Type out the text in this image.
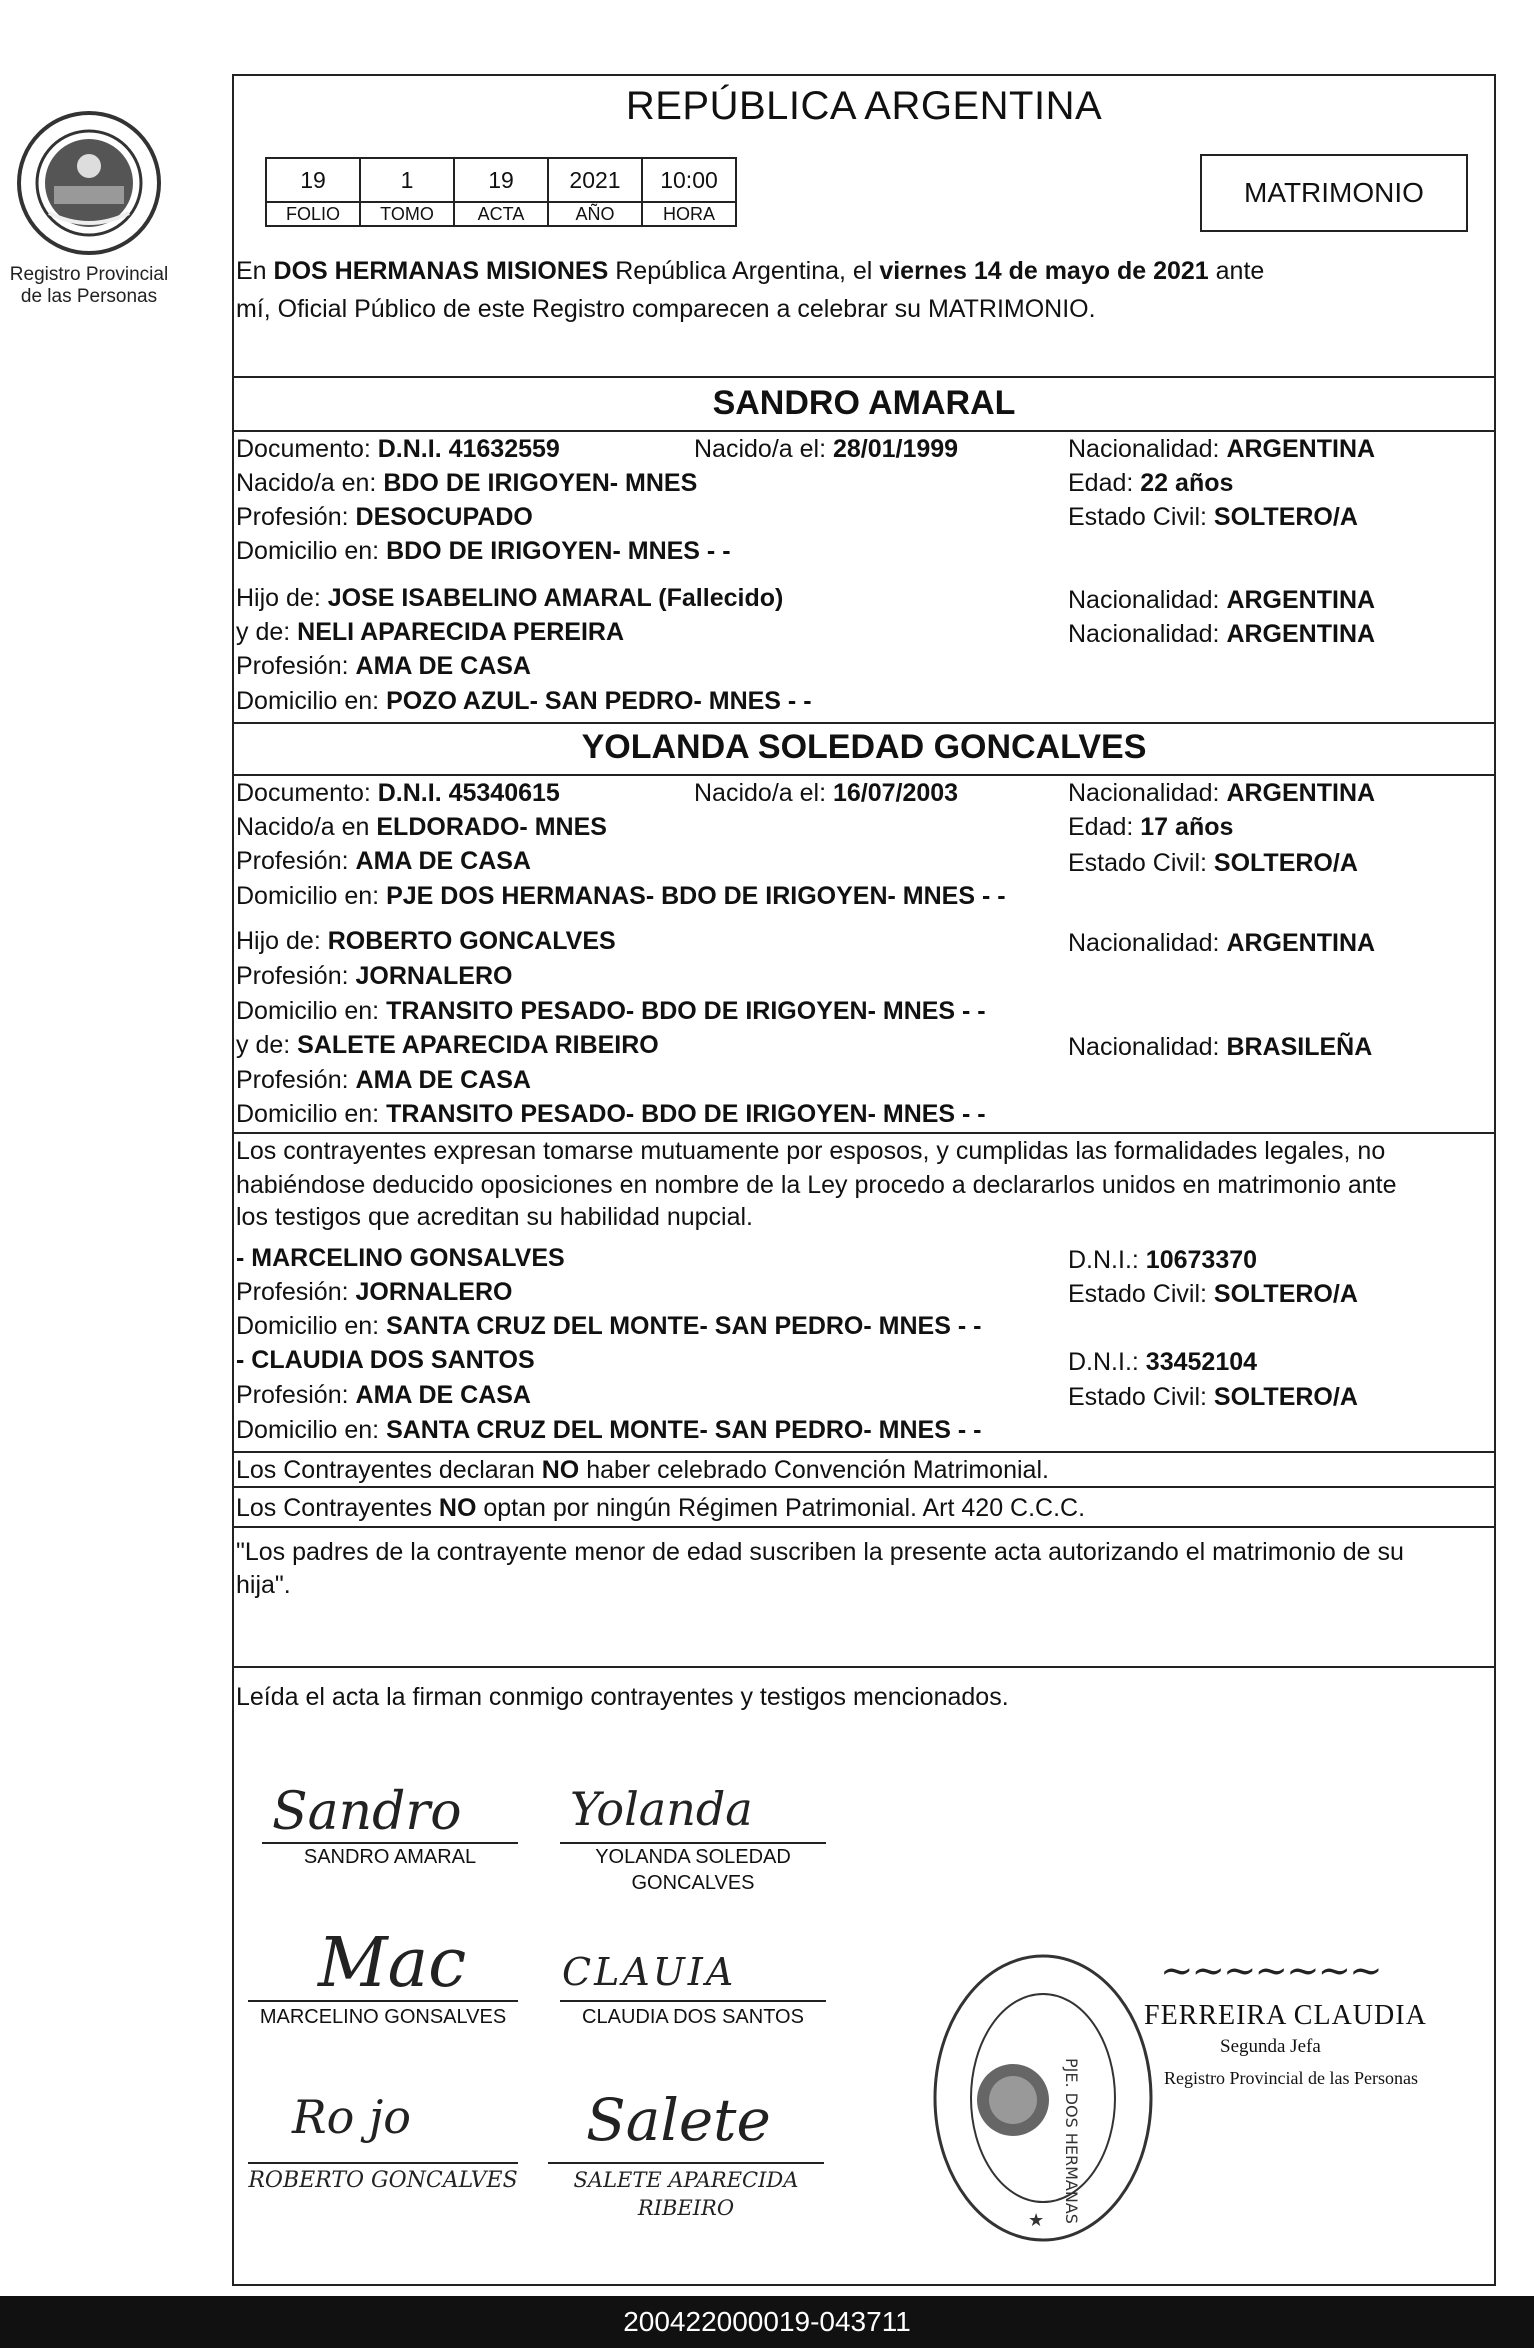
Registro Provincial
de las Personas
REPÚBLICA ARGENTINA
19	1	19	2021	10:00
FOLIO	TOMO	ACTA	AÑO	HORA
MATRIMONIO
En DOS HERMANAS MISIONES República Argentina, el viernes 14 de mayo de 2021 ante
mí, Oficial Público de este Registro comparecen a celebrar su MATRIMONIO.
SANDRO AMARAL
Documento: D.N.I. 41632559	Nacido/a el: 28/01/1999	Nacionalidad: ARGENTINA
Nacido/a en: BDO DE IRIGOYEN- MNES	Edad: 22 años
Profesión: DESOCUPADO	Estado Civil: SOLTERO/A
Domicilio en: BDO DE IRIGOYEN- MNES - -
Hijo de: JOSE ISABELINO AMARAL (Fallecido)	Nacionalidad: ARGENTINA
y de: NELI APARECIDA PEREIRA	Nacionalidad: ARGENTINA
Profesión: AMA DE CASA
Domicilio en: POZO AZUL- SAN PEDRO- MNES - -
YOLANDA SOLEDAD GONCALVES
Documento: D.N.I. 45340615	Nacido/a el: 16/07/2003	Nacionalidad: ARGENTINA
Nacido/a en ELDORADO- MNES	Edad: 17 años
Profesión: AMA DE CASA	Estado Civil: SOLTERO/A
Domicilio en: PJE DOS HERMANAS- BDO DE IRIGOYEN- MNES - -
Hijo de: ROBERTO GONCALVES	Nacionalidad: ARGENTINA
Profesión: JORNALERO
Domicilio en: TRANSITO PESADO- BDO DE IRIGOYEN- MNES - -
y de: SALETE APARECIDA RIBEIRO	Nacionalidad: BRASILEÑA
Profesión: AMA DE CASA
Domicilio en: TRANSITO PESADO- BDO DE IRIGOYEN- MNES - -
Los contrayentes expresan tomarse mutuamente por esposos, y cumplidas las formalidades legales, no
habiéndose deducido oposiciones en nombre de la Ley procedo a declararlos unidos en matrimonio ante
los testigos que acreditan su habilidad nupcial.
- MARCELINO GONSALVES	D.N.I.: 10673370
Profesión: JORNALERO	Estado Civil: SOLTERO/A
Domicilio en: SANTA CRUZ DEL MONTE- SAN PEDRO- MNES - -
- CLAUDIA DOS SANTOS	D.N.I.: 33452104
Profesión: AMA DE CASA	Estado Civil: SOLTERO/A
Domicilio en: SANTA CRUZ DEL MONTE- SAN PEDRO- MNES - -
Los Contrayentes declaran NO haber celebrado Convención Matrimonial.
Los Contrayentes NO optan por ningún Régimen Patrimonial. Art 420 C.C.C.
"Los padres de la contrayente menor de edad suscriben la presente acta autorizando el matrimonio de su
hija".
Leída el acta la firman conmigo contrayentes y testigos mencionados.
Sandro
SANDRO AMARAL
Yolanda
YOLANDA SOLEDAD
GONCALVES
Mac
MARCELINO GONSALVES
CLAUIA
CLAUDIA DOS SANTOS
Ro jo
ROBERTO GONCALVES
Salete
SALETE APARECIDA
RIBEIRO	PJE. DOS HERMANAS
★
~~~~~~~
FERREIRA CLAUDIA
Segunda Jefa
Registro Provincial de las Personas
200422000019-043711
